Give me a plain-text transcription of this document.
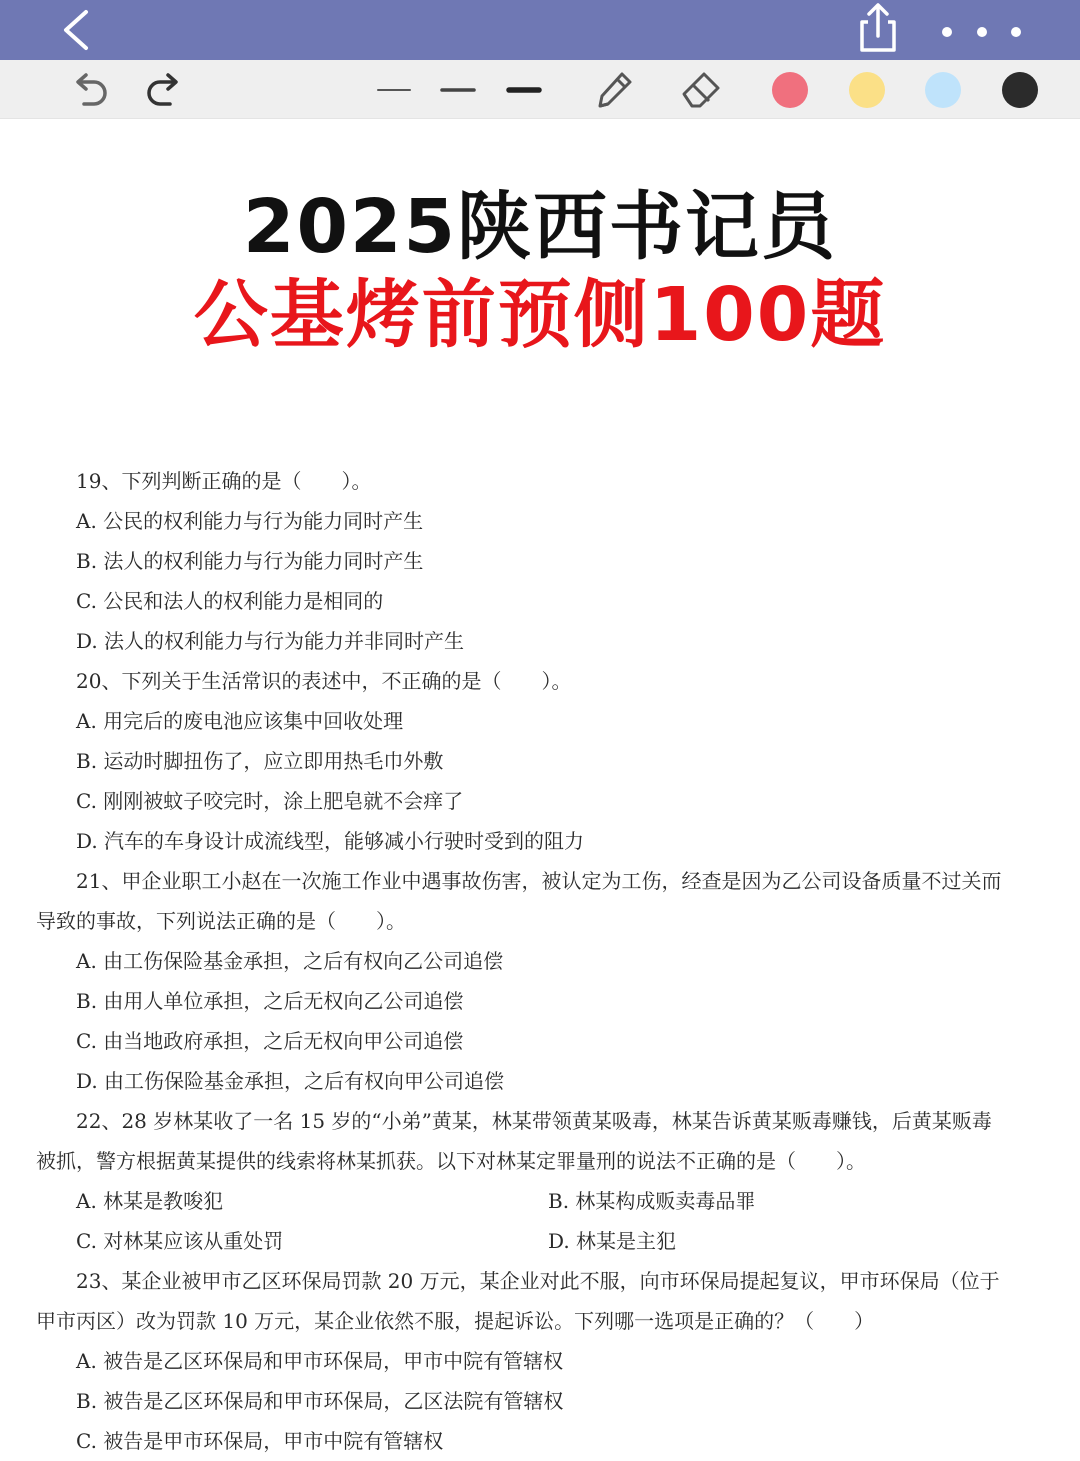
2025陕西书记员
公基烤前预侧100题
19、下列判断正确的是（　　）。
A. 公民的权利能力与行为能力同时产生
B. 法人的权利能力与行为能力同时产生
C. 公民和法人的权利能力是相同的
D. 法人的权利能力与行为能力并非同时产生
20、下列关于生活常识的表述中，不正确的是（　　）。
A. 用完后的废电池应该集中回收处理
B. 运动时脚扭伤了，应立即用热毛巾外敷
C. 刚刚被蚊子咬完时，涂上肥皂就不会痒了
D. 汽车的车身设计成流线型，能够减小行驶时受到的阻力
21、甲企业职工小赵在一次施工作业中遇事故伤害，被认定为工伤，经查是因为乙公司设备质量不过关而
导致的事故，下列说法正确的是（　　）。
A. 由工伤保险基金承担，之后有权向乙公司追偿
B. 由用人单位承担，之后无权向乙公司追偿
C. 由当地政府承担，之后无权向甲公司追偿
D. 由工伤保险基金承担，之后有权向甲公司追偿
22、28 岁林某收了一名 15 岁的“小弟”黄某，林某带领黄某吸毒，林某告诉黄某贩毒赚钱，后黄某贩毒
被抓，警方根据黄某提供的线索将林某抓获。以下对林某定罪量刑的说法不正确的是（　　）。
A. 林某是教唆犯	B. 林某构成贩卖毒品罪
C. 对林某应该从重处罚	D. 林某是主犯
23、某企业被甲市乙区环保局罚款 20 万元，某企业对此不服，向市环保局提起复议，甲市环保局（位于
甲市丙区）改为罚款 10 万元，某企业依然不服，提起诉讼。下列哪一选项是正确的？（　　）
A. 被告是乙区环保局和甲市环保局，甲市中院有管辖权
B. 被告是乙区环保局和甲市环保局，乙区法院有管辖权
C. 被告是甲市环保局，甲市中院有管辖权
